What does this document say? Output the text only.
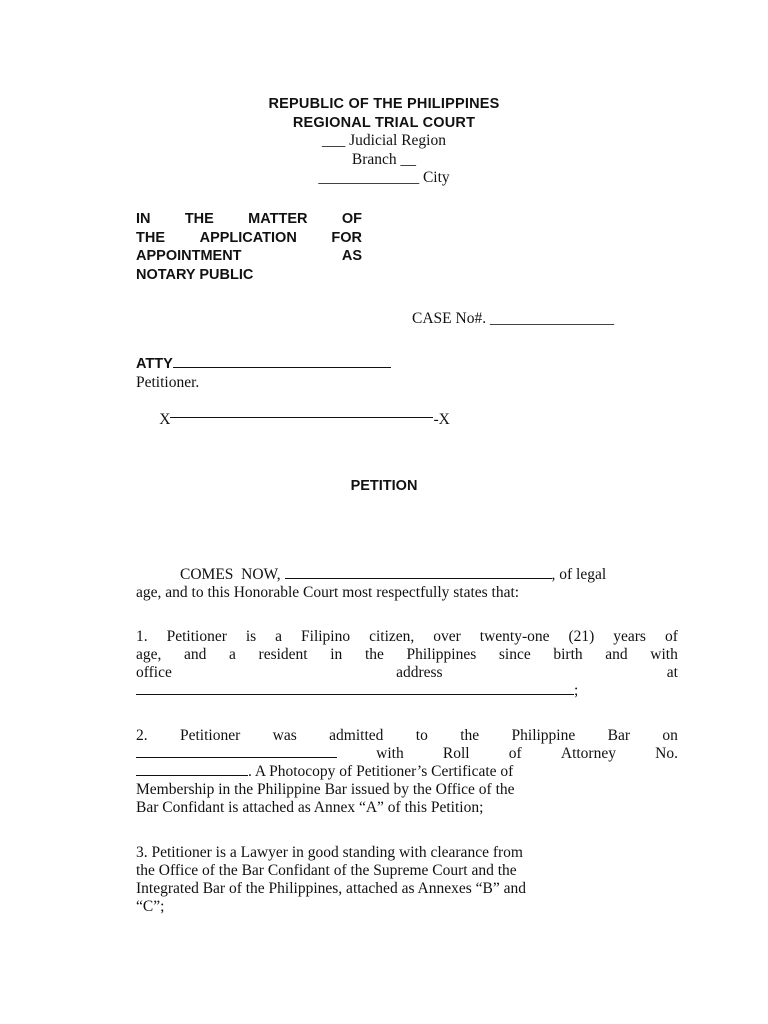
REPUBLIC OF THE PHILIPPINES
REGIONAL TRIAL COURT
___ Judicial Region
Branch __
_____________ City
IN THE MATTER OF
THE APPLICATION FOR
APPOINTMENT	AS
NOTARY PUBLIC
CASE No#. ________________
ATTY
Petitioner.

X	-X

PETITION
COMES NOW,	, of legal
age, and to this Honorable Court most respectfully states that:
1. Petitioner is a Filipino citizen, over twenty-one (21) years of
age, and a resident in the Philippines since birth and with
office	address	at
;
2. Petitioner was admitted to the Philippine Bar on
with	Roll	of	Attorney	No.
. A Photocopy of Petitioner’s Certificate of
Membership in the Philippine Bar issued by the Office of the
Bar Confidant is attached as Annex “A” of this Petition;
3. Petitioner is a Lawyer in good standing with clearance from
the Office of the Bar Confidant of the Supreme Court and the
Integrated Bar of the Philippines, attached as Annexes “B” and
“C”;
